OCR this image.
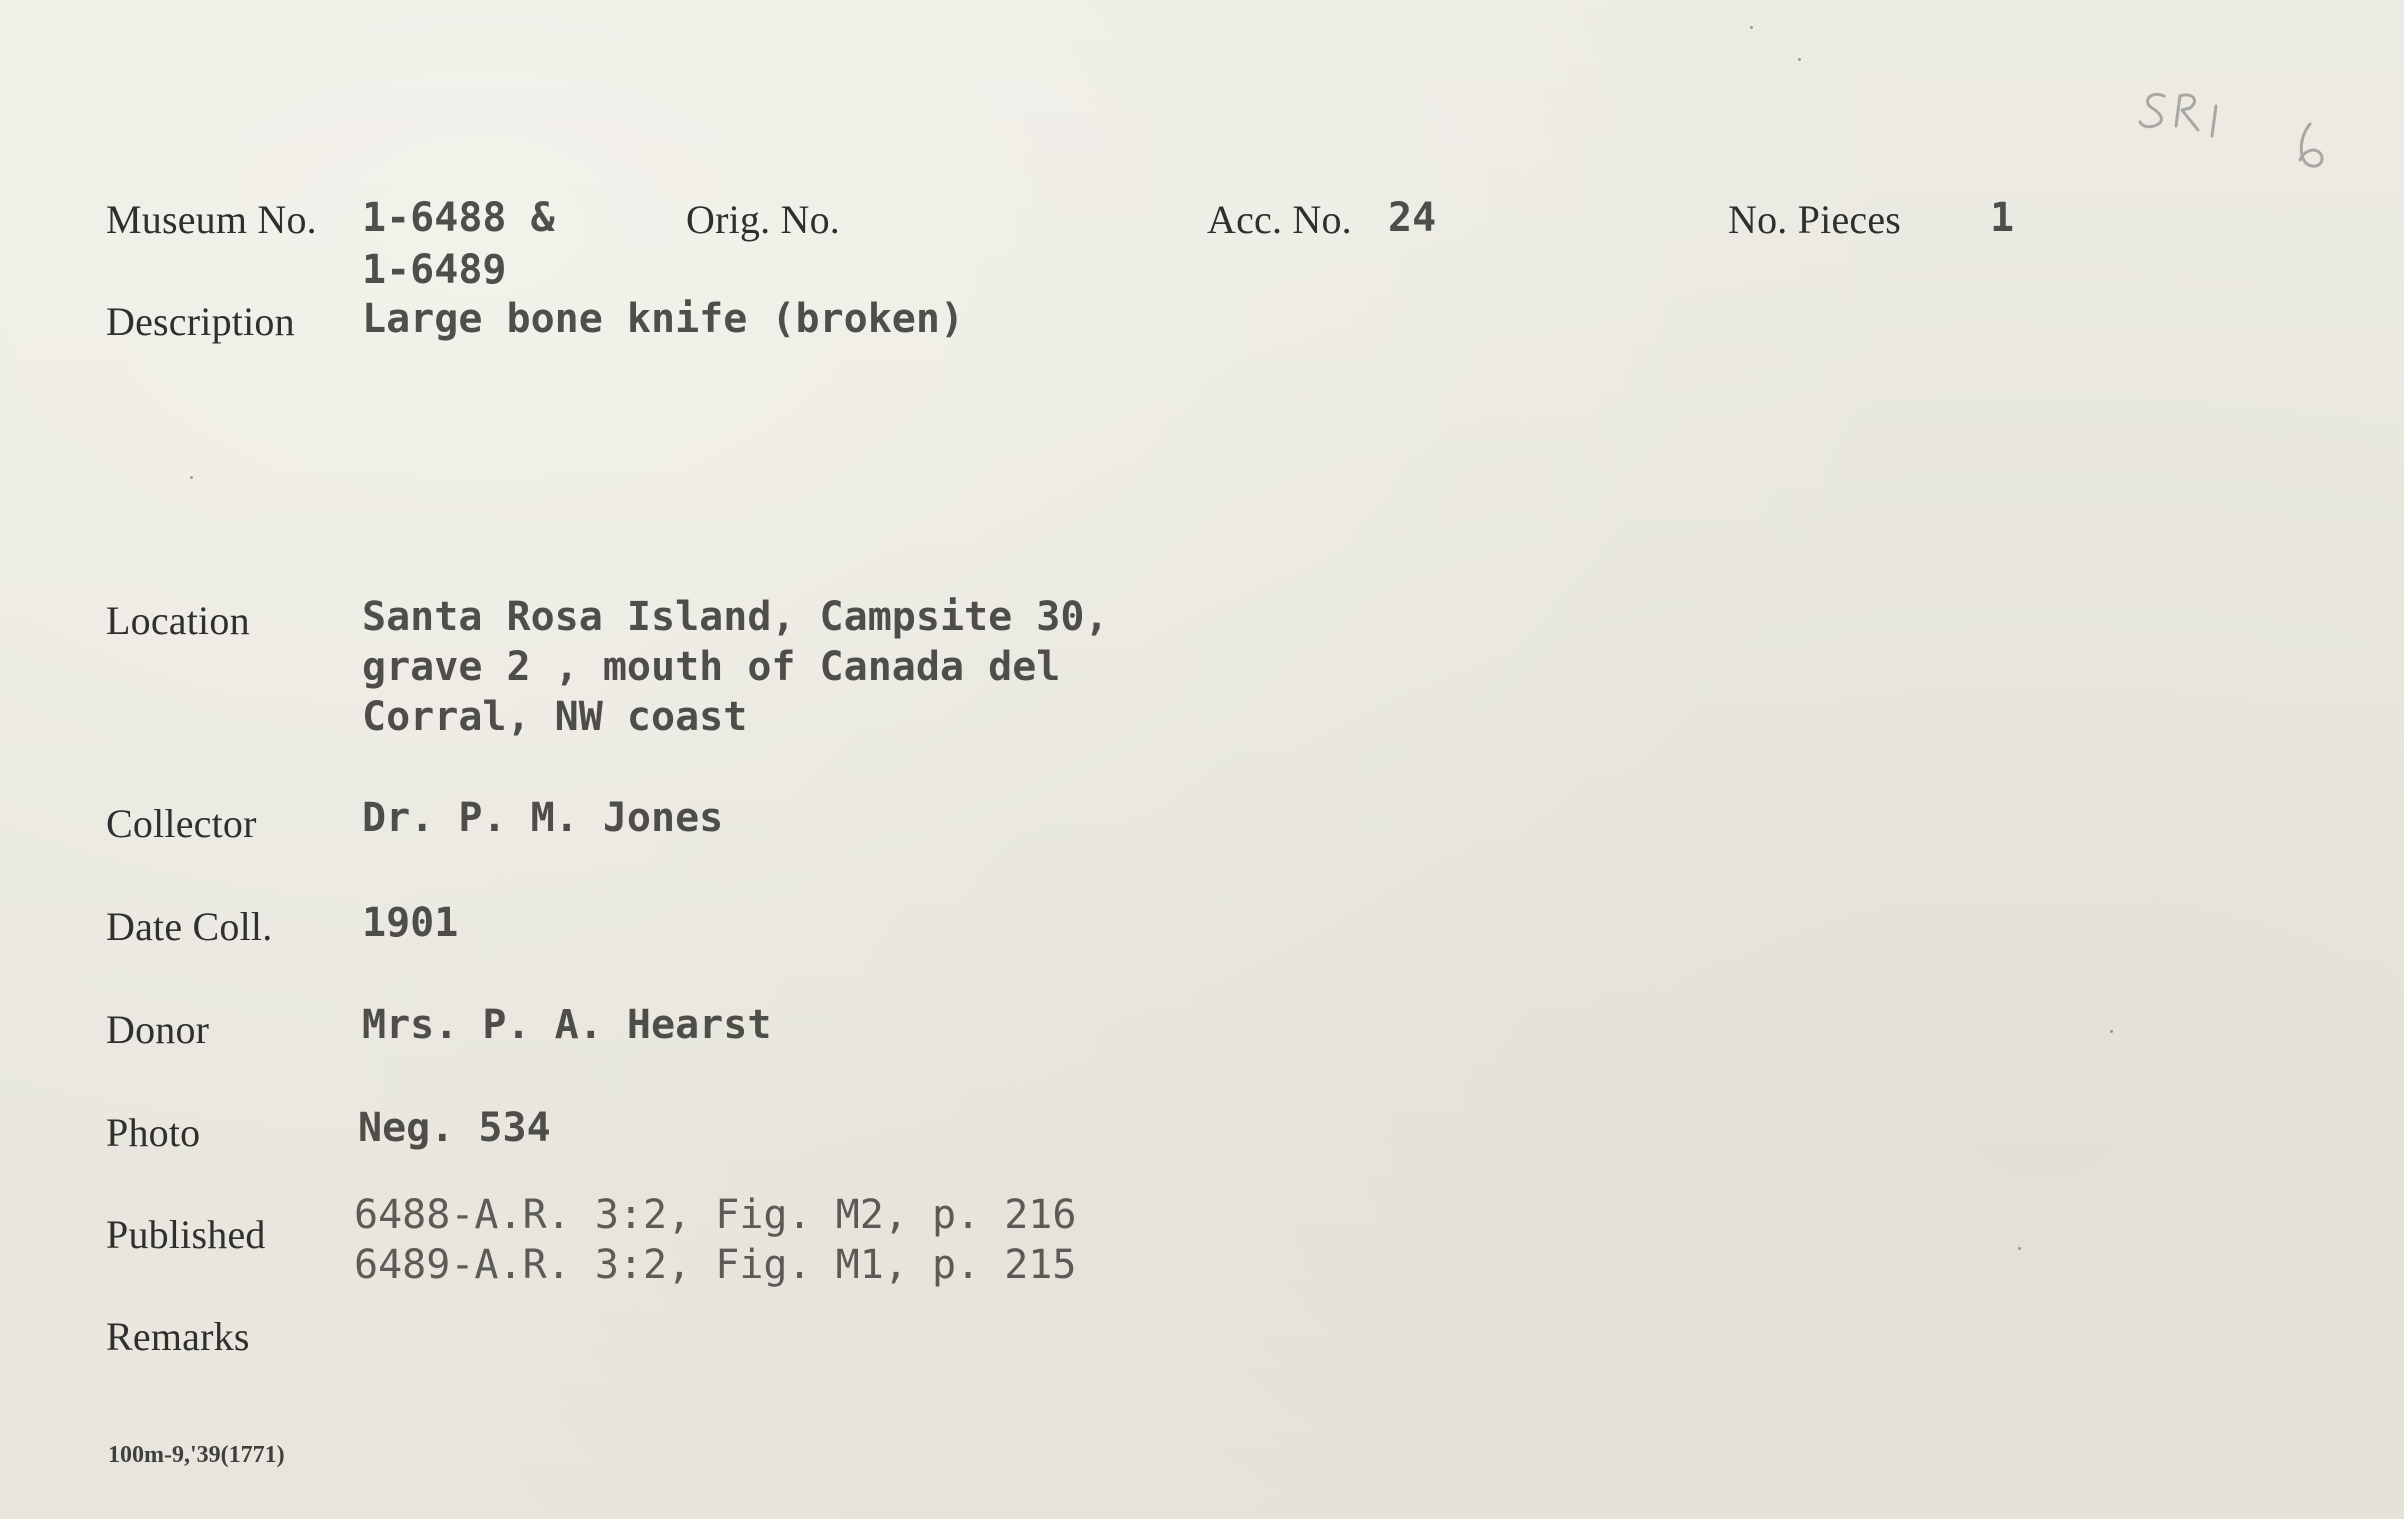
Museum No. 1-6488 &
1-6489
Orig. No.	Acc. No. 24	No. Pieces 1
Description Large bone knife (broken)
Location	Santa Rosa Island, Campsite 30,
grave 2 , mouth of Canada del
Corral, NW coast
Collector	Dr. P. M. Jones
Date Coll. 1901
Donor	Mrs. P. A. Hearst
Photo	Neg. 534
Published 6488-A.R. 3:2, Fig. M2, p. 216
6489-A.R. 3:2, Fig. M1, p. 215
Remarks
100m-9,'39(1771)
